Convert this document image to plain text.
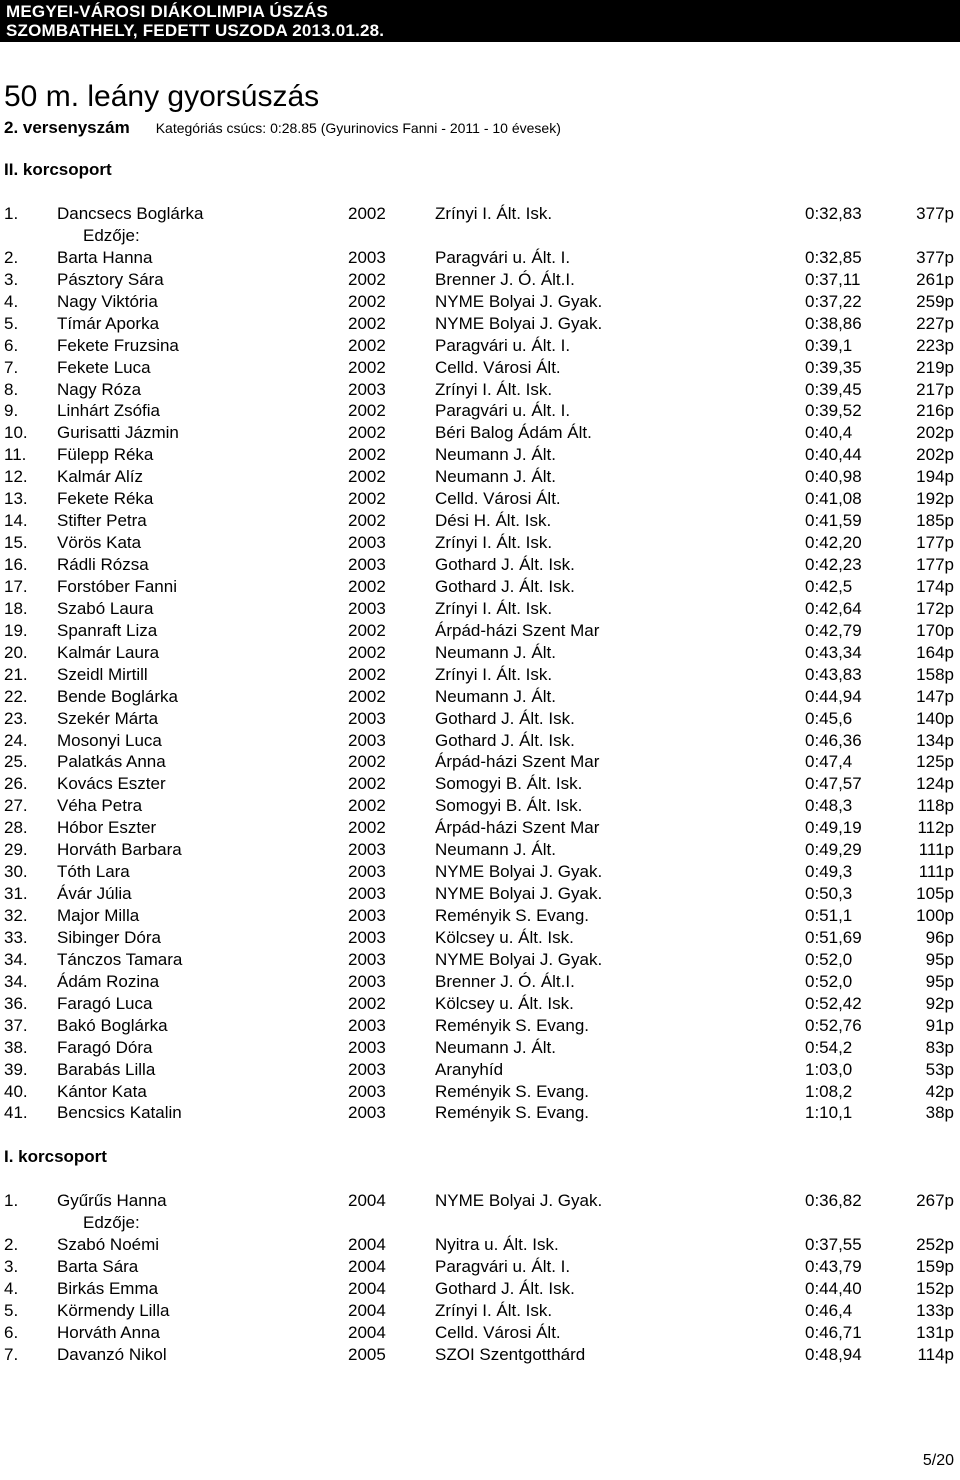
MEGYEI-VÁROSI DIÁKOLIMPIA ÚSZÁS
SZOMBATHELY, FEDETT USZODA 2013.01.28.
50 m. leány gyorsúszás
2. versenyszám Kategóriás csúcs: 0:28.85 (Gyurinovics Fanni - 2011 - 10 évesek)
II. korcsoport
1. Dancsecs Boglárka	2002	Zrínyi I. Ált. Isk.	0:32,83	377p
Edzője:
2. Barta Hanna	2003	Paragvári u. Ált. I.	0:32,85	377p
3. Pásztory Sára	2002	Brenner J. Ó. Ált.I.	0:37,11	261p
4. Nagy Viktória	2002	NYME Bolyai J. Gyak.	0:37,22	259p
5. Tímár Aporka	2002	NYME Bolyai J. Gyak.	0:38,86	227p
6. Fekete Fruzsina	2002	Paragvári u. Ált. I.	0:39,1	223p
7. Fekete Luca	2002	Celld. Városi Ált.	0:39,35	219p
8. Nagy Róza	2003	Zrínyi I. Ált. Isk.	0:39,45	217p
9. Linhárt Zsófia	2002	Paragvári u. Ált. I.	0:39,52	216p
10. Gurisatti Jázmin	2002	Béri Balog Ádám Ált.	0:40,4	202p
11. Fülepp Réka	2002	Neumann J. Ált.	0:40,44	202p
12. Kalmár Alíz	2002	Neumann J. Ált.	0:40,98	194p
13. Fekete Réka	2002	Celld. Városi Ált.	0:41,08	192p
14. Stifter Petra	2002	Dési H. Ált. Isk.	0:41,59	185p
15. Vörös Kata	2003	Zrínyi I. Ált. Isk.	0:42,20	177p
16. Rádli Rózsa	2003	Gothard J. Ált. Isk.	0:42,23	177p
17. Forstóber Fanni	2002	Gothard J. Ált. Isk.	0:42,5	174p
18. Szabó Laura	2003	Zrínyi I. Ált. Isk.	0:42,64	172p
19. Spanraft Liza	2002	Árpád-házi Szent Mar	0:42,79	170p
20. Kalmár Laura	2002	Neumann J. Ált.	0:43,34	164p
21. Szeidl Mirtill	2002	Zrínyi I. Ált. Isk.	0:43,83	158p
22. Bende Boglárka	2002	Neumann J. Ált.	0:44,94	147p
23. Szekér Márta	2003	Gothard J. Ált. Isk.	0:45,6	140p
24. Mosonyi Luca	2003	Gothard J. Ált. Isk.	0:46,36	134p
25. Palatkás Anna	2002	Árpád-házi Szent Mar	0:47,4	125p
26. Kovács Eszter	2002	Somogyi B. Ált. Isk.	0:47,57	124p
27. Véha Petra	2002	Somogyi B. Ált. Isk.	0:48,3	118p
28. Hóbor Eszter	2002	Árpád-házi Szent Mar	0:49,19	112p
29. Horváth Barbara	2003	Neumann J. Ált.	0:49,29	111p
30. Tóth Lara	2003	NYME Bolyai J. Gyak.	0:49,3	111p
31. Ávár Júlia	2003	NYME Bolyai J. Gyak.	0:50,3	105p
32. Major Milla	2003	Reményik S. Evang.	0:51,1	100p
33. Sibinger Dóra	2003	Kölcsey u. Ált. Isk.	0:51,69	96p
34. Tánczos Tamara	2003	NYME Bolyai J. Gyak.	0:52,0	95p
34. Ádám Rozina	2003	Brenner J. Ó. Ált.I.	0:52,0	95p
36. Faragó Luca	2002	Kölcsey u. Ált. Isk.	0:52,42	92p
37. Bakó Boglárka	2003	Reményik S. Evang.	0:52,76	91p
38. Faragó Dóra	2003	Neumann J. Ált.	0:54,2	83p
39. Barabás Lilla	2003	Aranyhíd	1:03,0	53p
40. Kántor Kata	2003	Reményik S. Evang.	1:08,2	42p
41. Bencsics Katalin	2003	Reményik S. Evang.	1:10,1	38p
I. korcsoport
1. Gyűrűs Hanna	2004	NYME Bolyai J. Gyak.	0:36,82	267p
Edzője:
2. Szabó Noémi	2004	Nyitra u. Ált. Isk.	0:37,55	252p
3. Barta Sára	2004	Paragvári u. Ált. I.	0:43,79	159p
4. Birkás Emma	2004	Gothard J. Ált. Isk.	0:44,40	152p
5. Körmendy Lilla	2004	Zrínyi I. Ált. Isk.	0:46,4	133p
6. Horváth Anna	2004	Celld. Városi Ált.	0:46,71	131p
7. Davanzó Nikol	2005	SZOI Szentgotthárd	0:48,94	114p
5/20
